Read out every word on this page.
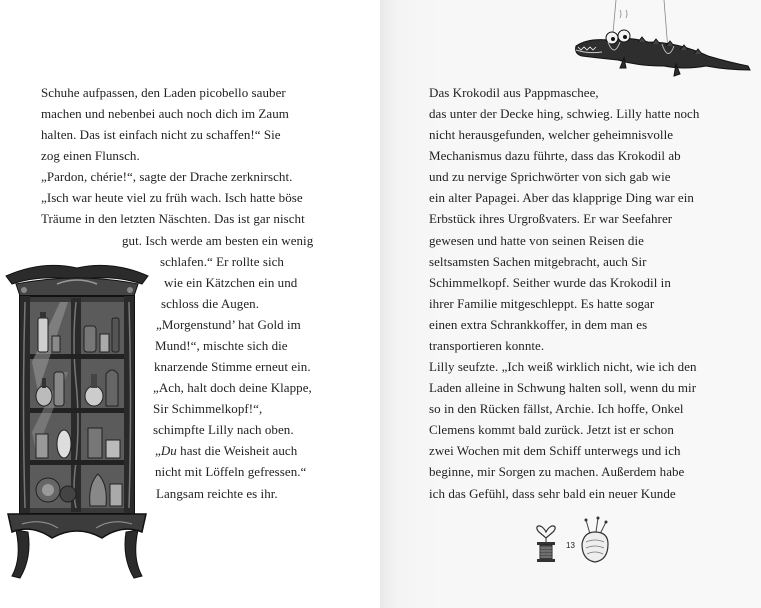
Schuhe aufpassen, den Laden picobello sauber
machen und nebenbei auch noch dich im Zaum
halten. Das ist einfach nicht zu schaffen!“ Sie
zog einen Flunsch.
„Pardon, chérie!“, sagte der Drache zerknirscht.
„Isch war heute viel zu früh wach. Isch hatte böse
Träume in den letzten Näschten. Das ist gar nischt
gut. Isch werde am besten ein wenig
schlafen.“ Er rollte sich
wie ein Kätzchen ein und
schloss die Augen.
„Morgenstund’ hat Gold im
Mund!“, mischte sich die
knarzende Stimme erneut ein.
„Ach, halt doch deine Klappe,
Sir Schimmelkopf!“,
schimpfte Lilly nach oben.
„Du hast die Weisheit auch
nicht mit Löffeln gefressen.“
Langsam reichte es ihr.
Das Krokodil aus Pappmaschee,
das unter der Decke hing, schwieg. Lilly hatte noch
nicht herausgefunden, welcher geheimnisvolle
Mechanismus dazu führte, dass das Krokodil ab
und zu nervige Sprichwörter von sich gab wie
ein alter Papagei. Aber das klapprige Ding war ein
Erbstück ihres Urgroßvaters. Er war Seefahrer
gewesen und hatte von seinen Reisen die
seltsamsten Sachen mitgebracht, auch Sir
Schimmelkopf. Seither wurde das Krokodil in
ihrer Familie mitgeschleppt. Es hatte sogar
einen extra Schrankkoffer, in dem man es
transportieren konnte.
Lilly seufzte. „Ich weiß wirklich nicht, wie ich den
Laden alleine in Schwung halten soll, wenn du mir
so in den Rücken fällst, Archie. Ich hoffe, Onkel
Clemens kommt bald zurück. Jetzt ist er schon
zwei Wochen mit dem Schiff unterwegs und ich
beginne, mir Sorgen zu machen. Außerdem habe
ich das Gefühl, dass sehr bald ein neuer Kunde
13
